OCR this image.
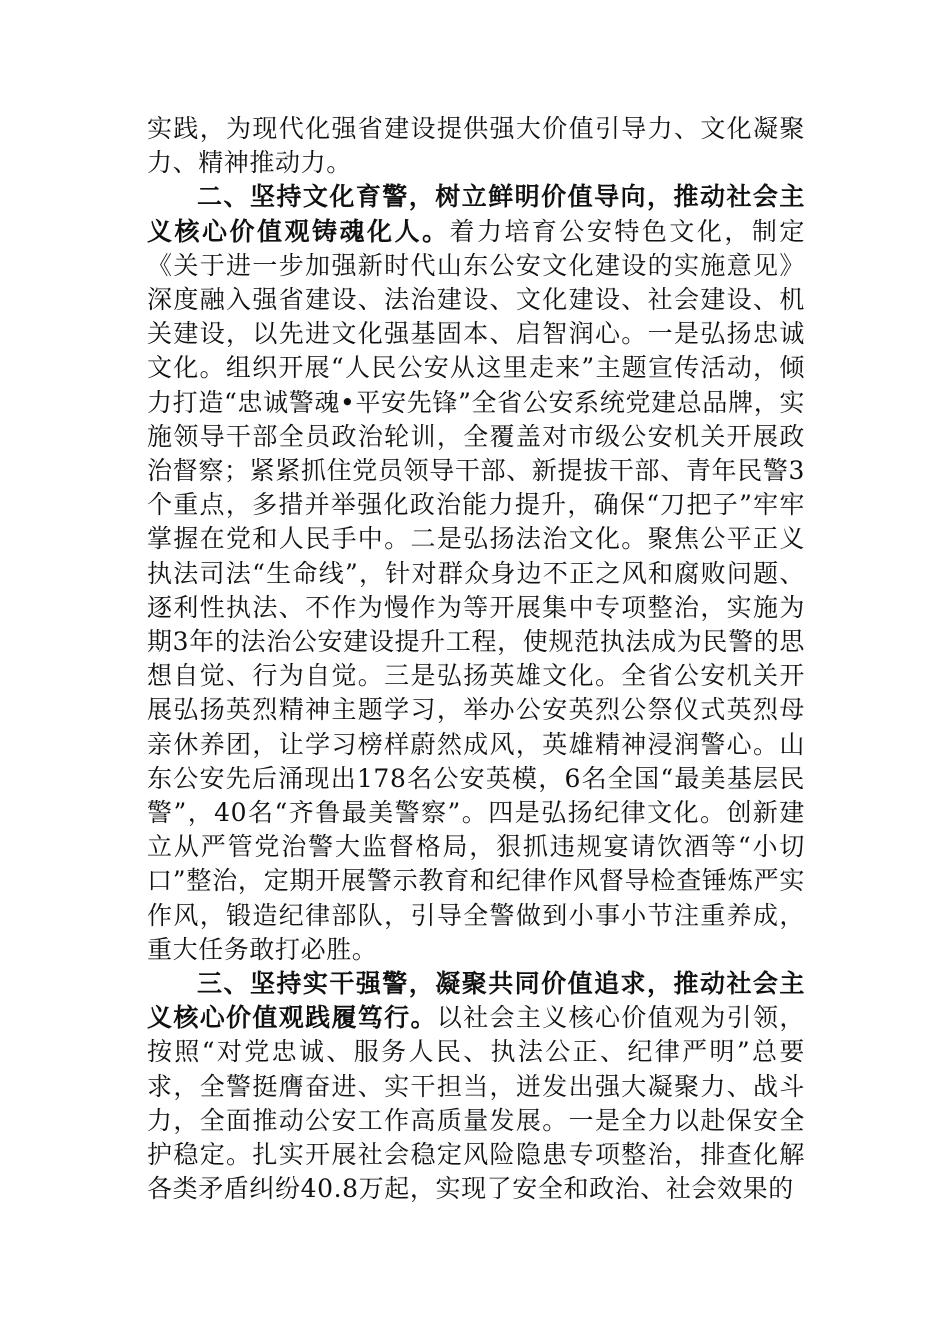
实践，为现代化强省建设提供强大价值引导力、文化凝聚力、精神推动力。

二、坚持文化育警，树立鲜明价值导向，推动社会主义核心价值观铸魂化人。着力培育公安特色文化，制定《关于进一步加强新时代山东公安文化建设的实施意见》深度融入强省建设、法治建设、文化建设、社会建设、机关建设，以先进文化强基固本、启智润心。一是弘扬忠诚文化。组织开展“人民公安从这里走来”主题宣传活动，倾力打造“忠诚警魂•平安先锋”全省公安系统党建总品牌，实施领导干部全员政治轮训，全覆盖对市级公安机关开展政治督察；紧紧抓住党员领导干部、新提拔干部、青年民警3个重点，多措并举强化政治能力提升，确保“刀把子”牢牢掌握在党和人民手中。二是弘扬法治文化。聚焦公平正义执法司法“生命线”，针对群众身边不正之风和腐败问题、逐利性执法、不作为慢作为等开展集中专项整治，实施为期3年的法治公安建设提升工程，使规范执法成为民警的思想自觉、行为自觉。三是弘扬英雄文化。全省公安机关开展弘扬英烈精神主题学习，举办公安英烈公祭仪式英烈母亲休养团，让学习榜样蔚然成风，英雄精神浸润警心。山东公安先后涌现出178名公安英模，6名全国“最美基层民警”，40名“齐鲁最美警察”。四是弘扬纪律文化。创新建立从严管党治警大监督格局，狠抓违规宴请饮酒等“小切口”整治，定期开展警示教育和纪律作风督导检查锤炼严实作风，锻造纪律部队，引导全警做到小事小节注重养成，重大任务敢打必胜。

三、坚持实干强警，凝聚共同价值追求，推动社会主义核心价值观践履笃行。以社会主义核心价值观为引领，按照“对党忠诚、服务人民、执法公正、纪律严明”总要求，全警挺膺奋进、实干担当，迸发出强大凝聚力、战斗力，全面推动公安工作高质量发展。一是全力以赴保安全护稳定。扎实开展社会稳定风险隐患专项整治，排查化解各类矛盾纠纷40.8万起，实现了安全和政治、社会效果的
